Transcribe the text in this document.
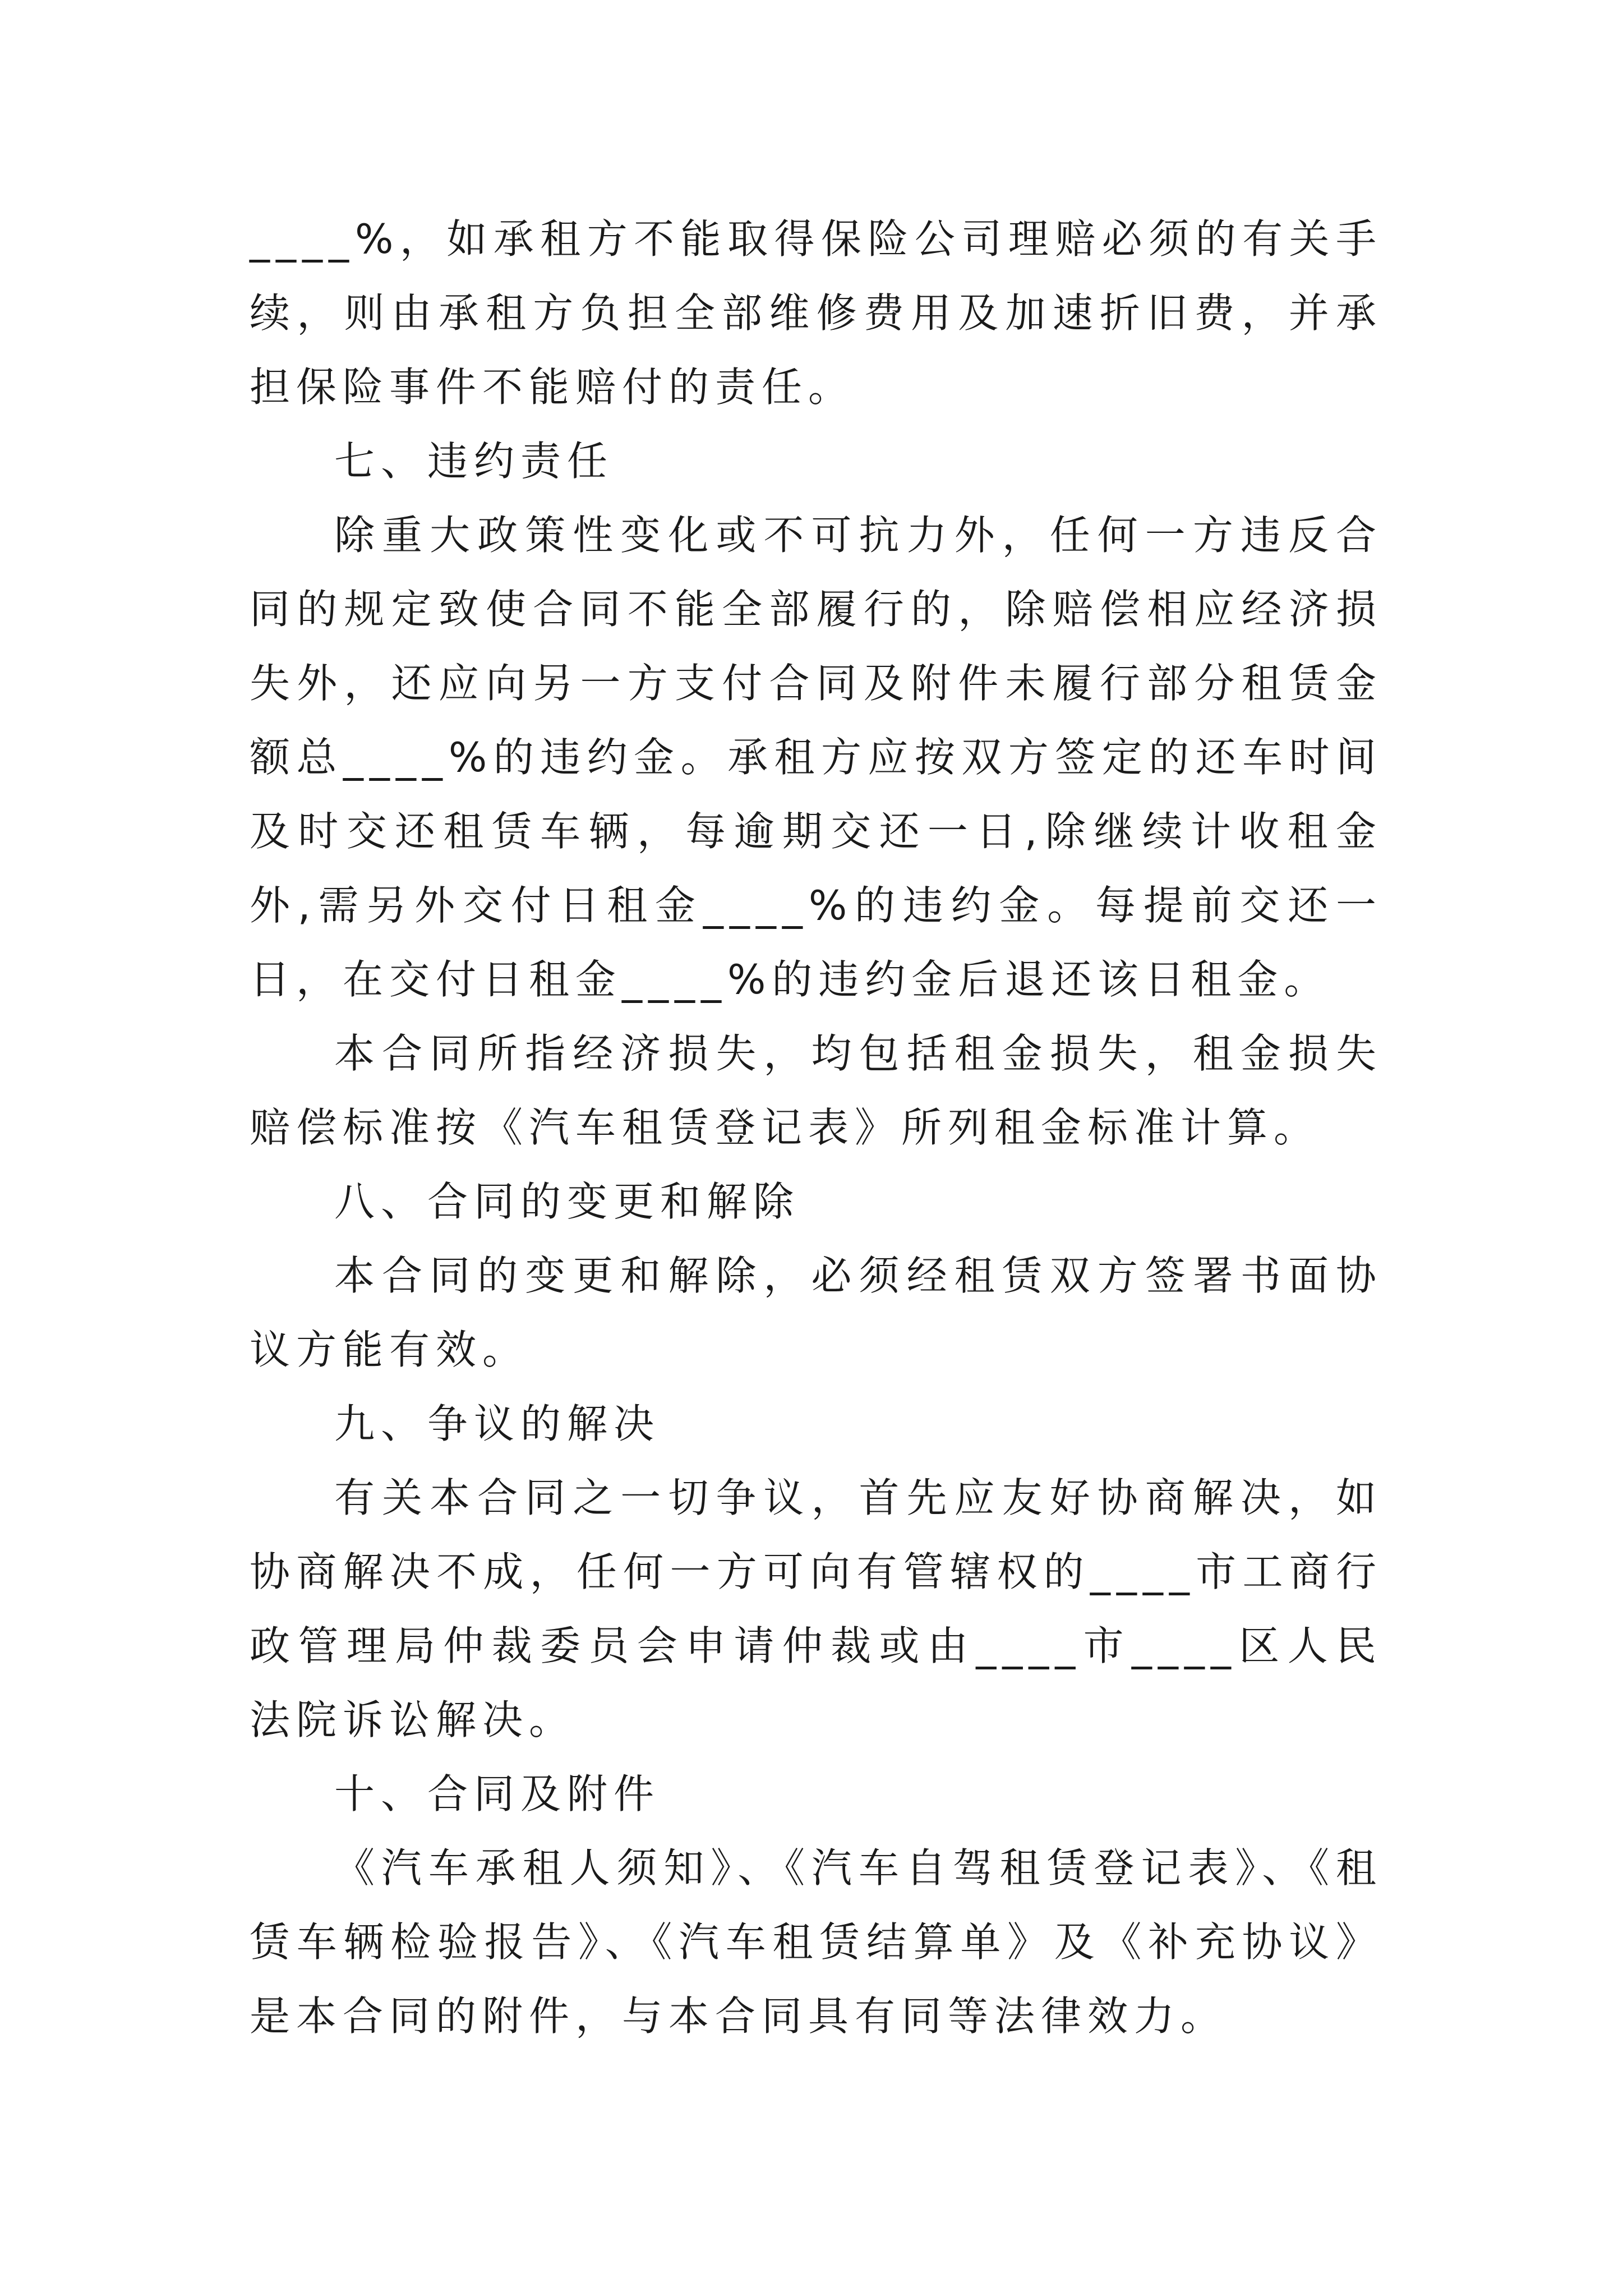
____%，如承租方不能取得保险公司理赔必须的有关手续，则由承租方负担全部维修费用及加速折旧费，并承担保险事件不能赔付的责任。

七、违约责任

除重大政策性变化或不可抗力外，任何一方违反合同的规定致使合同不能全部履行的，除赔偿相应经济损失外，还应向另一方支付合同及附件未履行部分租赁金额总____%的违约金。承租方应按双方签定的还车时间及时交还租赁车辆，每逾期交还一日,除继续计收租金外,需另外交付日租金____%的违约金。每提前交还一日，在交付日租金____%的违约金后退还该日租金。

本合同所指经济损失，均包括租金损失，租金损失赔偿标准按《汽车租赁登记表》所列租金标准计算。

八、合同的变更和解除

本合同的变更和解除，必须经租赁双方签署书面协议方能有效。

九、争议的解决

有关本合同之一切争议，首先应友好协商解决，如协商解决不成，任何一方可向有管辖权的____市工商行政管理局仲裁委员会申请仲裁或由____市____区人民法院诉讼解决。

十、合同及附件

《汽车承租人须知》、《汽车自驾租赁登记表》、《租赁车辆检验报告》、《汽车租赁结算单》及《补充协议》是本合同的附件，与本合同具有同等法律效力。
